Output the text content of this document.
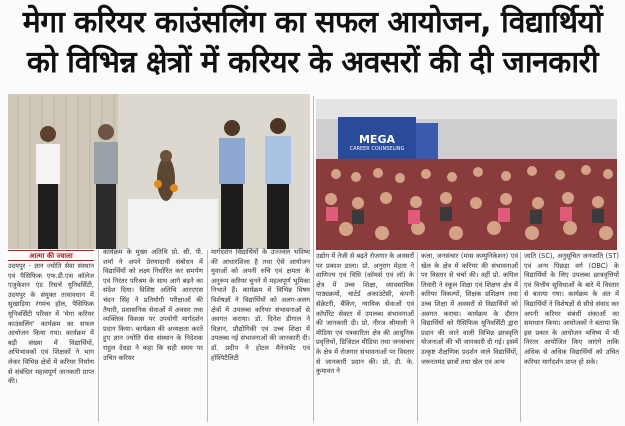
मेगा करियर काउंसलिंग का सफल आयोजन, विद्यार्थियों
को विभिन्न क्षेत्रों में करियर के अवसरों की दी जानकारी
MEGA
CAREER COUNSELING
आत्मा की ज्वाला
उदयपुर - ज्ञान ज्योति सेवा संस्थान एवं पैसिफिक एफ.डी.एस कॉलेज एजुकेशन एंड रिसर्च यूनिवर्सिटी, उदयपुर के संयुक्त तत्वावधान में सुखाड़िया रंगमंच हॉल, पैसिफिक यूनिवर्सिटी परिसर में 'मेगा करियर काउंसलिंग' कार्यक्रम का सफल आयोजन किया गया। कार्यक्रम में बड़ी संख्या में विद्यार्थियों, अभिभावकों एवं शिक्षकों ने भाग लेकर विभिन्न क्षेत्रों में करियर निर्माण से संबंधित महत्वपूर्ण जानकारी प्राप्त की।
कार्यक्रम के मुख्य अतिथि प्रो. सी. पी. शर्मा ने अपने प्रेरणादायी संबोधन में विद्यार्थियों को लक्ष्य निर्धारित कर समर्पण एवं निरंतर परिश्रम के साथ आगे बढ़ने का संदेश दिया। विशिष्ट अतिथि आरएएस चंदन सिंह ने प्रतियोगी परीक्षाओं की तैयारी, प्रशासनिक सेवाओं में अवसर तथा व्यक्तित्व विकास पर उपयोगी मार्गदर्शन प्रदान किया। कार्यक्रम की अध्यक्षता करते हुए ज्ञान ज्योति सेवा संस्थान के निदेशक राहुल देवड़ा ने कहा कि सही समय पर उचित करियर
मार्गदर्शन विद्यार्थियों के उज्ज्वल भविष्य की आधारशिला है तथा ऐसे आयोजन युवाओं को अपनी रुचि एवं क्षमता के अनुरूप करियर चुनने में महत्वपूर्ण भूमिका निभाते हैं। कार्यक्रम में विभिन्न विषय विशेषज्ञों ने विद्यार्थियों को अलग-अलग क्षेत्रों में उपलब्ध करियर संभावनाओं से अवगत कराया। डॉ. दिनेश डीगाल ने विज्ञान, प्रौद्योगिकी एवं उच्च शिक्षा में उपलब्ध नई संभावनाओं की जानकारी दी। डॉ. प्रदीप ने होटल मैनेजमेंट एवं हॉस्पिटैलिटी
उद्योग में तेजी से बढ़ते रोजगार के अवसरों पर प्रकाश डाला। प्रो. अनुराग मेहता ने वाणिज्य एवं विधि (कॉमर्स एवं लॉ) के क्षेत्र में उच्च शिक्षा, व्यावसायिक पाठ्यक्रमों, चार्टर्ड अकाउंटेंसी, कंपनी सेक्रेटरी, बैंकिंग, न्यायिक सेवाओं एवं कॉर्पोरेट सेक्टर में उपलब्ध संभावनाओं की जानकारी दी। प्रो. नीरज श्रीमाली ने मीडिया एवं पत्रकारिता क्षेत्र की आधुनिक प्रवृत्तियों, डिजिटल मीडिया तथा जनसंचार के क्षेत्र में रोजगार संभावनाओं पर विस्तार से जानकारी प्रदान की। प्रो. डी. के. कुमावत ने
कला, जनसंचार (मास कम्युनिकेशन) एवं खेल के क्षेत्र में करियर की संभावनाओं पर विस्तार से चर्चा की। वहीं प्रो. कपिल तिवारी ने स्कूल शिक्षा एवं शिक्षण क्षेत्र में करियर विकल्पों, शिक्षक प्रशिक्षण तथा उच्च शिक्षा में अवसरों से विद्यार्थियों को अवगत कराया। कार्यक्रम के दौरान विद्यार्थियों को पैसिफिक यूनिवर्सिटी द्वारा प्रदान की जाने वाली विभिन्न छात्रवृत्ति योजनाओं की भी जानकारी दी गई। इसमें उत्कृष्ट शैक्षणिक प्रदर्शन वाले विद्यार्थियों, जरूरतमंद छात्रों तथा खेल एवं अन्य
जाति (SC), अनुसूचित जनजाति (ST) एवं अन्य पिछड़ा वर्ग (OBC) के विद्यार्थियों के लिए उपलब्ध छात्रवृत्तियों एवं वित्तीय सुविधाओं के बारे में विस्तार से बताया गया। कार्यक्रम के अंत में विद्यार्थियों ने विशेषज्ञों से सीधे संवाद कर अपनी करियर संबंधी शंकाओं का समाधान किया। आयोजकों ने बताया कि इस प्रकार के आयोजन भविष्य में भी निरंतर आयोजित किए जाएंगे ताकि अधिक से अधिक विद्यार्थियों को उचित करियर मार्गदर्शन प्राप्त हो सके।
